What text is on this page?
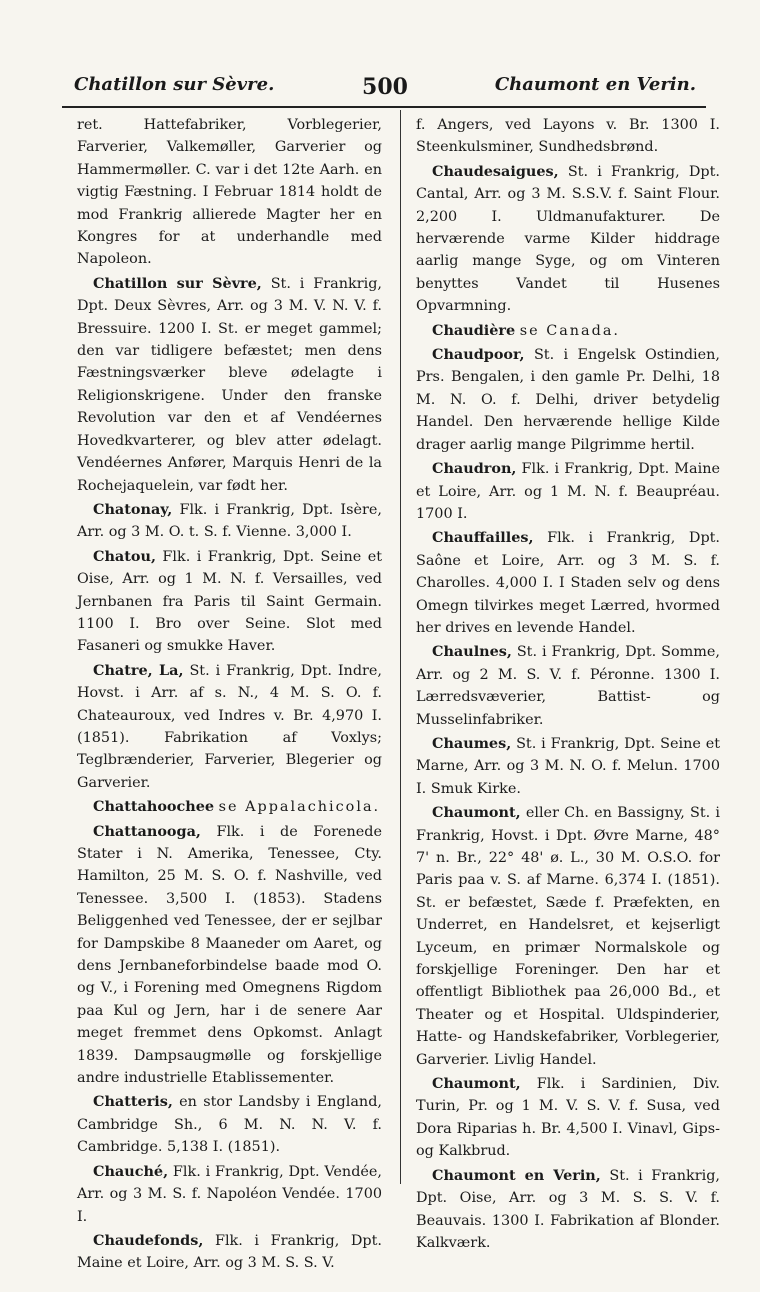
Chatillon sur Sèvre.	500	Chaumont en Verin.

ret. Hattefabriker, Vorblegerier, Farverier, Valkemøller, Garverier og Hammermøller. C. var i det 12te Aarh. en vigtig Fæstning. I Februar 1814 holdt de mod Frankrig allierede Magter her en Kongres for at underhandle med Napoleon.

Chatillon sur Sèvre, St. i Frankrig, Dpt. Deux Sèvres, Arr. og 3 M. V. N. V. f. Bressuire. 1200 I. St. er meget gammel; den var tidligere befæstet; men dens Fæstningsværker bleve ødelagte i Religionskrigene. Under den franske Revolution var den et af Vendéernes Hovedkvarterer, og blev atter ødelagt. Vendéernes Anfører, Marquis Henri de la Rochejaquelein, var født her.

Chatonay, Flk. i Frankrig, Dpt. Isère, Arr. og 3 M. O. t. S. f. Vienne. 3,000 I.

Chatou, Flk. i Frankrig, Dpt. Seine et Oise, Arr. og 1 M. N. f. Versailles, ved Jernbanen fra Paris til Saint Germain. 1100 I. Bro over Seine. Slot med Fasaneri og smukke Haver.

Chatre, La, St. i Frankrig, Dpt. Indre, Hovst. i Arr. af s. N., 4 M. S. O. f. Chateauroux, ved Indres v. Br. 4,970 I. (1851). Fabrikation af Voxlys; Teglbrænderier, Farverier, Blegerier og Garverier.

Chattahoochee se Appalachicola.

Chattanooga, Flk. i de Forenede Stater i N. Amerika, Tenessee, Cty. Hamilton, 25 M. S. O. f. Nashville, ved Tenessee. 3,500 I. (1853). Stadens Beliggenhed ved Tenessee, der er sejlbar for Dampskibe 8 Maaneder om Aaret, og dens Jernbaneforbindelse baade mod O. og V., i Forening med Omegnens Rigdom paa Kul og Jern, har i de senere Aar meget fremmet dens Opkomst. Anlagt 1839. Dampsaugmølle og forskjellige andre industrielle Etablissementer.

Chatteris, en stor Landsby i England, Cambridge Sh., 6 M. N. N. V. f. Cambridge. 5,138 I. (1851).

Chauché, Flk. i Frankrig, Dpt. Vendée, Arr. og 3 M. S. f. Napoléon Vendée. 1700 I.

Chaudefonds, Flk. i Frankrig, Dpt. Maine et Loire, Arr. og 3 M. S. S. V.

f. Angers, ved Layons v. Br. 1300 I. Steenkulsminer, Sundhedsbrønd.

Chaudesaigues, St. i Frankrig, Dpt. Cantal, Arr. og 3 M. S.S.V. f. Saint Flour. 2,200 I. Uldmanufakturer. De herværende varme Kilder hiddrage aarlig mange Syge, og om Vinteren benyttes Vandet til Husenes Opvarmning.

Chaudière se Canada.

Chaudpoor, St. i Engelsk Ostindien, Prs. Bengalen, i den gamle Pr. Delhi, 18 M. N. O. f. Delhi, driver betydelig Handel. Den herværende hellige Kilde drager aarlig mange Pilgrimme hertil.

Chaudron, Flk. i Frankrig, Dpt. Maine et Loire, Arr. og 1 M. N. f. Beaupréau. 1700 I.

Chauffailles, Flk. i Frankrig, Dpt. Saône et Loire, Arr. og 3 M. S. f. Charolles. 4,000 I. I Staden selv og dens Omegn tilvirkes meget Lærred, hvormed her drives en levende Handel.

Chaulnes, St. i Frankrig, Dpt. Somme, Arr. og 2 M. S. V. f. Péronne. 1300 I. Lærredsvæverier, Battist- og Musselinfabriker.

Chaumes, St. i Frankrig, Dpt. Seine et Marne, Arr. og 3 M. N. O. f. Melun. 1700 I. Smuk Kirke.

Chaumont, eller Ch. en Bassigny, St. i Frankrig, Hovst. i Dpt. Øvre Marne, 48° 7' n. Br., 22° 48' ø. L., 30 M. O.S.O. for Paris paa v. S. af Marne. 6,374 I. (1851). St. er befæstet, Sæde f. Præfekten, en Underret, en Handelsret, et kejserligt Lyceum, en primær Normalskole og forskjellige Foreninger. Den har et offentligt Bibliothek paa 26,000 Bd., et Theater og et Hospital. Uldspinderier, Hatte- og Handskefabriker, Vorblegerier, Garverier. Livlig Handel.

Chaumont, Flk. i Sardinien, Div. Turin, Pr. og 1 M. V. S. V. f. Susa, ved Dora Riparias h. Br. 4,500 I. Vinavl, Gips- og Kalkbrud.

Chaumont en Verin, St. i Frankrig, Dpt. Oise, Arr. og 3 M. S. S. V. f. Beauvais. 1300 I. Fabrikation af Blonder. Kalkværk.
